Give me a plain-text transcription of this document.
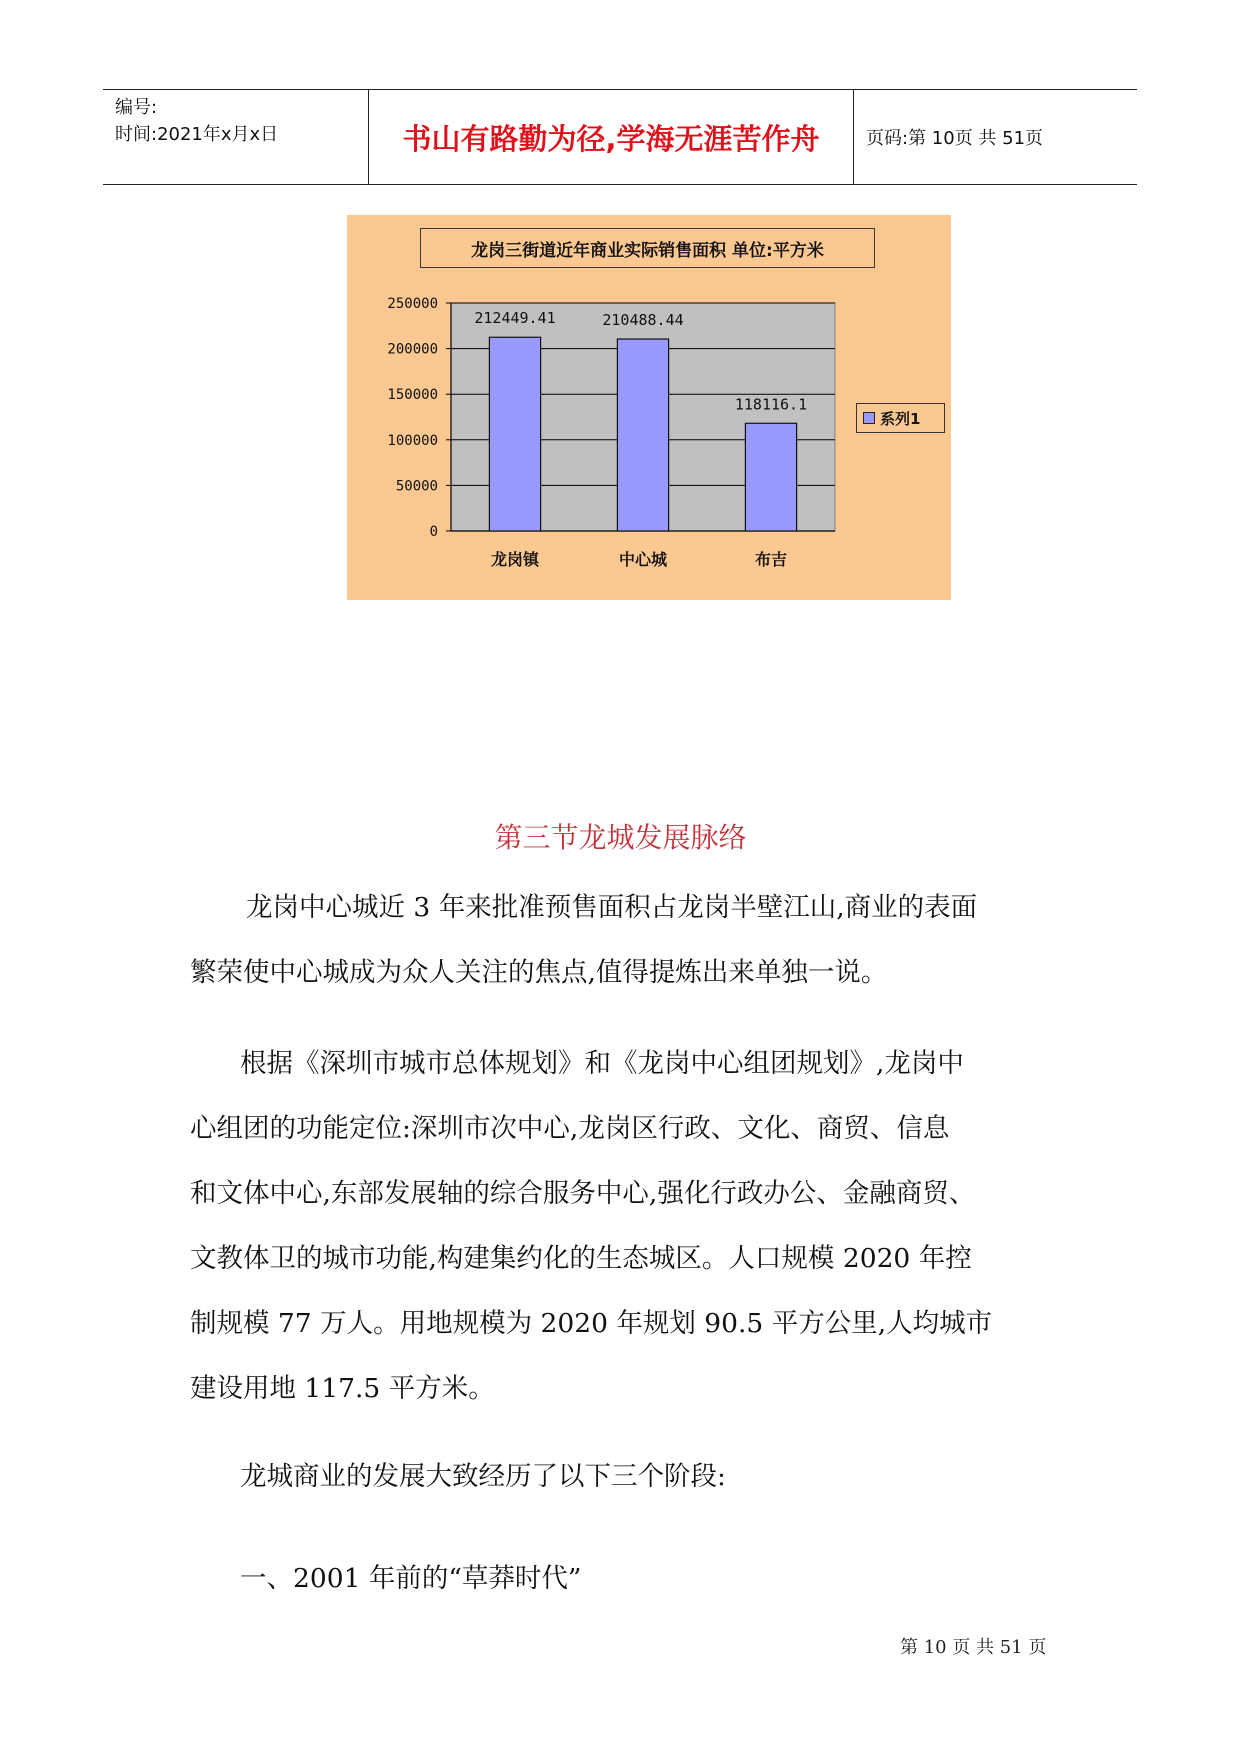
编号:
时间:2021年x月x日	书山有路勤为径,学海无涯苦作舟	页码:第 10页 共 51页
0
50000
100000
150000
200000
250000
212449.41
龙岗镇
210488.44
中心城
118116.1
布吉
龙岗三街道近年商业实际销售面积 单位:平方米
系列1
第三节龙城发展脉络
龙岗中心城近 3 年来批准预售面积占龙岗半壁江山,商业的表面
繁荣使中心城成为众人关注的焦点,值得提炼出来单独一说。
根据《深圳市城市总体规划》和《龙岗中心组团规划》,龙岗中
心组团的功能定位:深圳市次中心,龙岗区行政、文化、商贸、信息
和文体中心,东部发展轴的综合服务中心,强化行政办公、金融商贸、
文教体卫的城市功能,构建集约化的生态城区。人口规模 2020 年控
制规模 77 万人。用地规模为 2020 年规划 90.5 平方公里,人均城市
建设用地 117.5 平方米。
龙城商业的发展大致经历了以下三个阶段:
一、2001 年前的“草莽时代”
第 10 页 共 51 页
